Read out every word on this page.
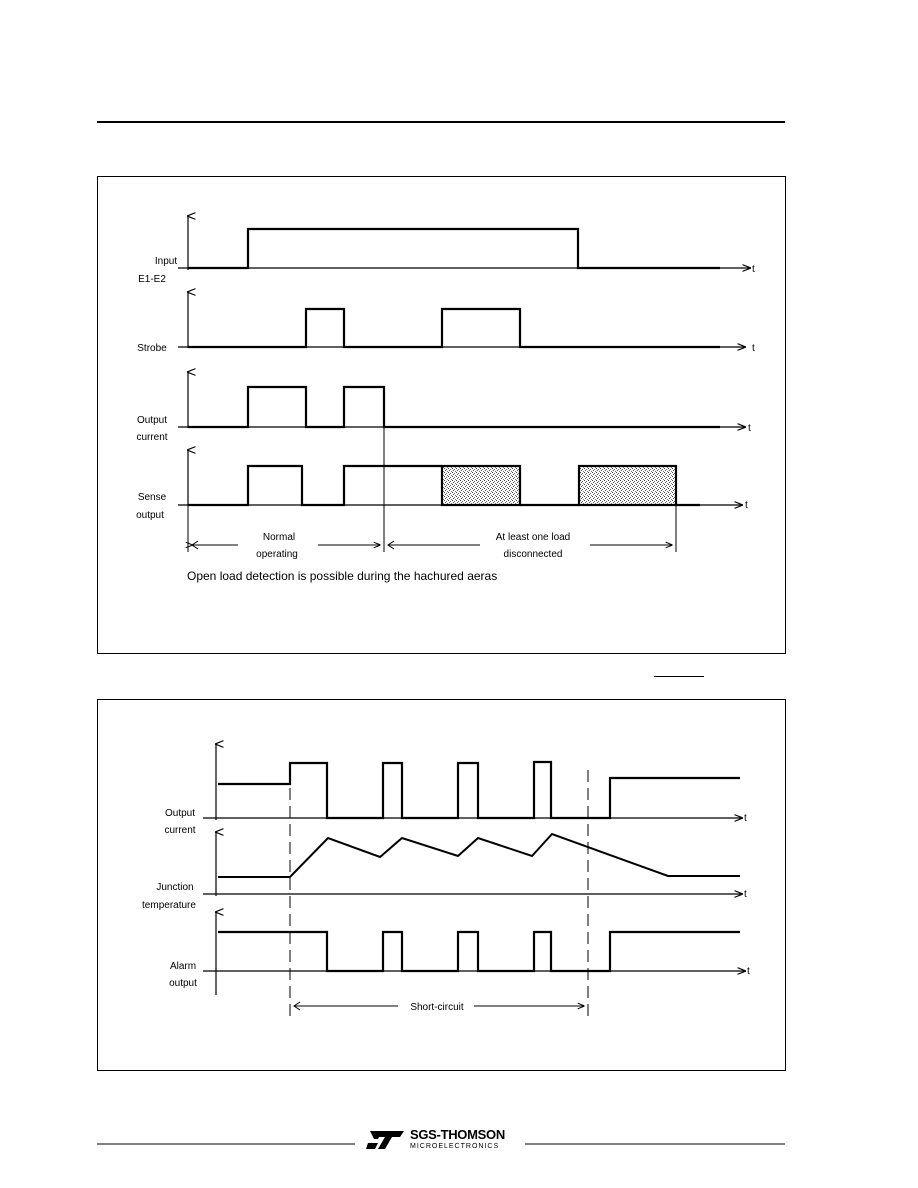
t
t
t
t
Input
E1-E2
Strobe
Output
current
Sense
output
Normal
operating
At least one load
disconnected
Open load detection is possible during the hachured aeras
t
t
t
Output
current
Junction
temperature
Alarm
output
Short-circuit
SGS-THOMSON
MICROELECTRONICS
